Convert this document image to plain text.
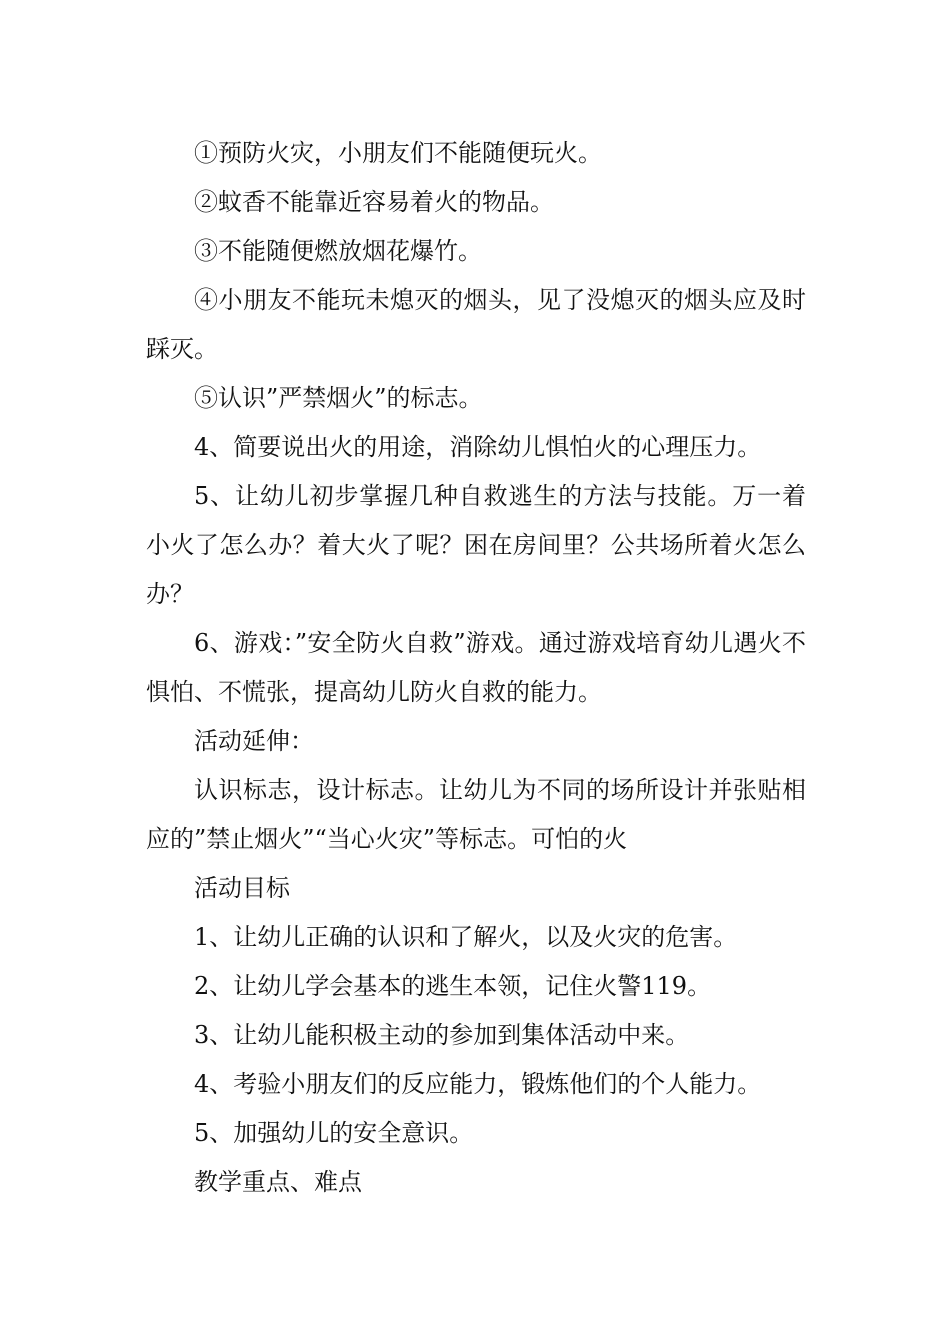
①预防火灾，小朋友们不能随便玩火。

②蚊香不能靠近容易着火的物品。

③不能随便燃放烟花爆竹。

④小朋友不能玩未熄灭的烟头，见了没熄灭的烟头应及时踩灭。

⑤认识”严禁烟火”的标志。

4、简要说出火的用途，消除幼儿惧怕火的心理压力。

5、让幼儿初步掌握几种自救逃生的方法与技能。万一着小火了怎么办？着大火了呢？困在房间里？公共场所着火怎么办？

6、游戏：”安全防火自救”游戏。通过游戏培育幼儿遇火不惧怕、不慌张，提高幼儿防火自救的能力。

活动延伸：

认识标志，设计标志。让幼儿为不同的场所设计并张贴相应的”禁止烟火”“当心火灾”等标志。可怕的火

活动目标

1、让幼儿正确的认识和了解火，以及火灾的危害。

2、让幼儿学会基本的逃生本领，记住火警119。

3、让幼儿能积极主动的参加到集体活动中来。

4、考验小朋友们的反应能力，锻炼他们的个人能力。

5、加强幼儿的安全意识。

教学重点、难点
